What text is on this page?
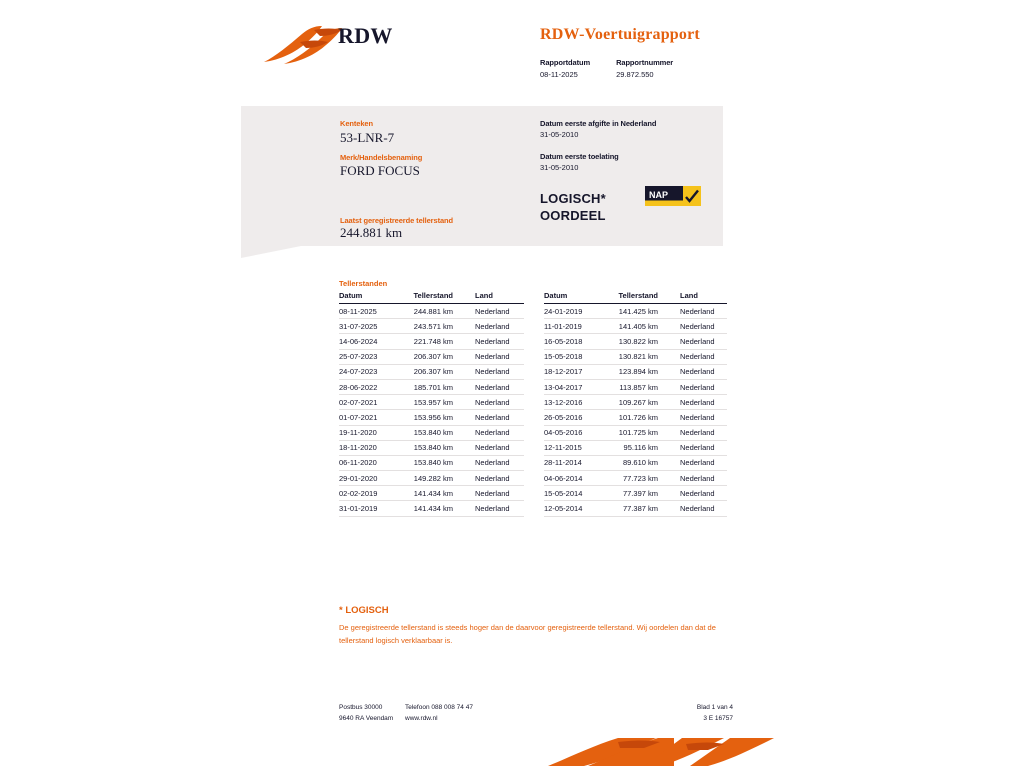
RDW	RDW-Voertuigrapport
Rapportdatum
08-11-2025
Rapportnummer
29.872.550
Kenteken
53-LNR-7
Merk/Handelsbenaming
FORD FOCUS
Laatst geregistreerde tellerstand
244.881 km
Datum eerste afgifte in Nederland
31-05-2010
Datum eerste toelating
31-05-2010
LOGISCH*
OORDEEL
NAP
Tellerstanden
Datum	Tellerstand	Land
08-11-2025	244.881 km	Nederland
31-07-2025	243.571 km	Nederland
14-06-2024	221.748 km	Nederland
25-07-2023	206.307 km	Nederland
24-07-2023	206.307 km	Nederland
28-06-2022	185.701 km	Nederland
02-07-2021	153.957 km	Nederland
01-07-2021	153.956 km	Nederland
19-11-2020	153.840 km	Nederland
18-11-2020	153.840 km	Nederland
06-11-2020	153.840 km	Nederland
29-01-2020	149.282 km	Nederland
02-02-2019	141.434 km	Nederland
31-01-2019	141.434 km	Nederland
Datum	Tellerstand	Land
24-01-2019	141.425 km	Nederland
11-01-2019	141.405 km	Nederland
16-05-2018	130.822 km	Nederland
15-05-2018	130.821 km	Nederland
18-12-2017	123.894 km	Nederland
13-04-2017	113.857 km	Nederland
13-12-2016	109.267 km	Nederland
26-05-2016	101.726 km	Nederland
04-05-2016	101.725 km	Nederland
12-11-2015	95.116 km	Nederland
28-11-2014	89.610 km	Nederland
04-06-2014	77.723 km	Nederland
15-05-2014	77.397 km	Nederland
12-05-2014	77.387 km	Nederland
* LOGISCH
De geregistreerde tellerstand is steeds hoger dan de daarvoor geregistreerde tellerstand. Wij oordelen dan dat de tellerstand logisch verklaarbaar is.
Postbus 30000	Telefoon 088 008 74 47	Blad 1 van 4
9640 RA Veendam	www.rdw.nl	3 E 16757
